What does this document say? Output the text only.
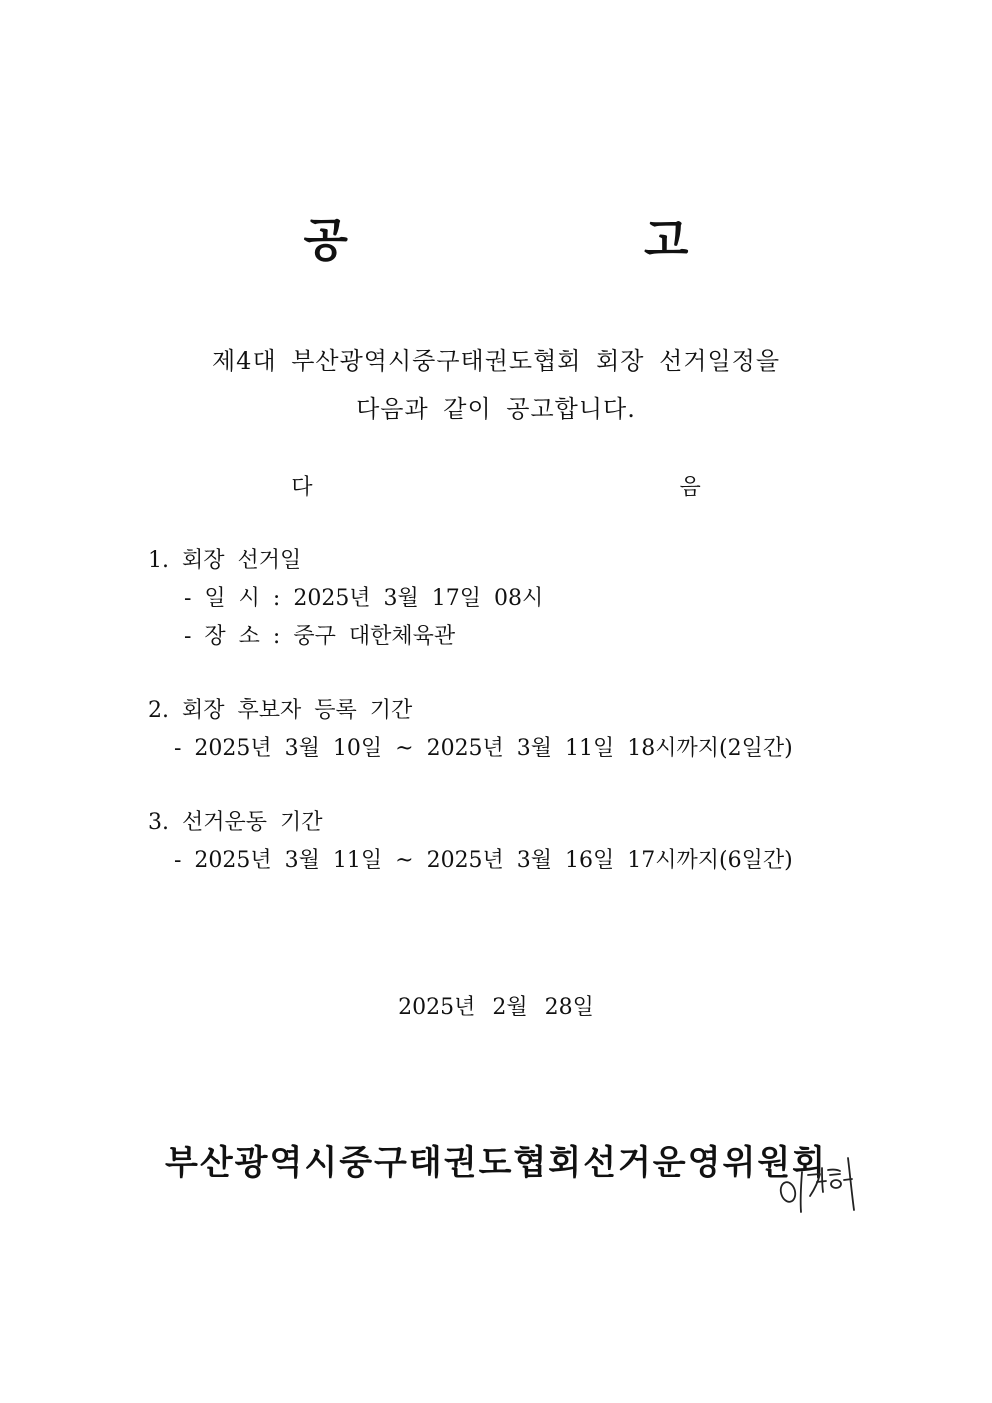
공 고
제4대 부산광역시중구태권도협회 회장 선거일정을
다음과 같이 공고합니다.
다 음
1. 회장 선거일
- 일 시 : 2025년 3월 17일 08시
- 장 소 : 중구 대한체육관
2. 회장 후보자 등록 기간
- 2025년 3월 10일 ~ 2025년 3월 11일 18시까지(2일간)
3. 선거운동 기간
- 2025년 3월 11일 ~ 2025년 3월 16일 17시까지(6일간)
2025년 2월 28일
부산광역시중구태권도협회선거운영위원회
